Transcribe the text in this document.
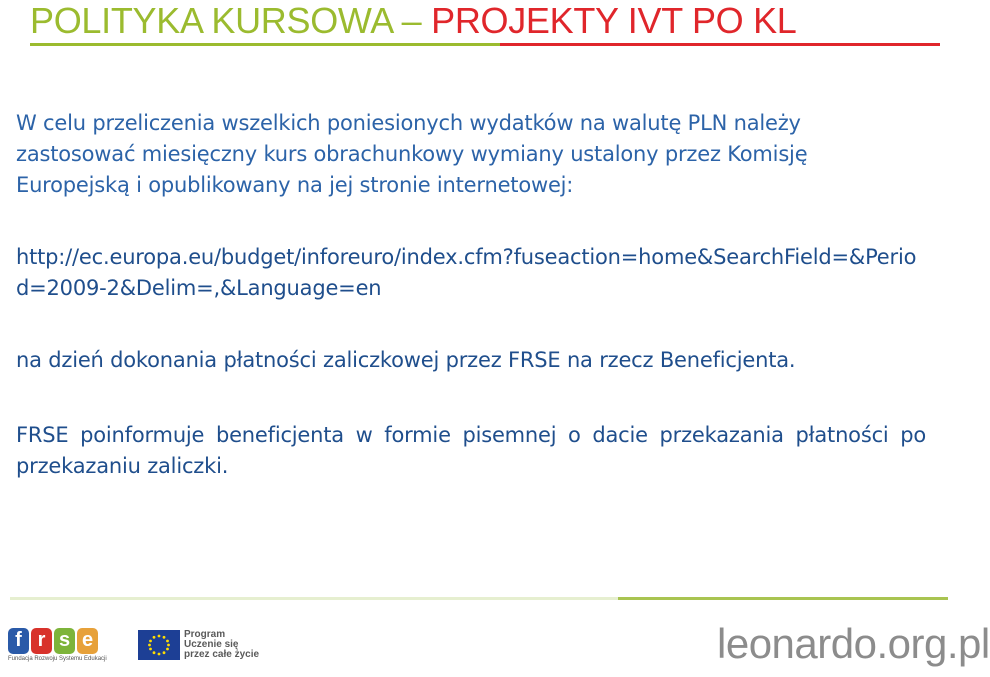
POLITYKA KURSOWA – PROJEKTY IVT PO KL
W celu przeliczenia wszelkich poniesionych wydatków na walutę PLN należy zastosować miesięczny kurs obrachunkowy wymiany ustalony przez Komisję Europejską i opublikowany na jej stronie internetowej:
http://ec.europa.eu/budget/inforeuro/index.cfm?fuseaction=home&SearchField=&Period=2009-2&Delim=,&Language=en
na dzień dokonania płatności zaliczkowej przez FRSE na rzecz Beneficjenta.
FRSE poinformuje beneficjenta w formie pisemnej o dacie przekazania płatności po przekazaniu zaliczki.
f r s e
Fundacja Rozwoju Systemu Edukacji
Program
Uczenie się
przez całe życie	leonardo.org.pl
